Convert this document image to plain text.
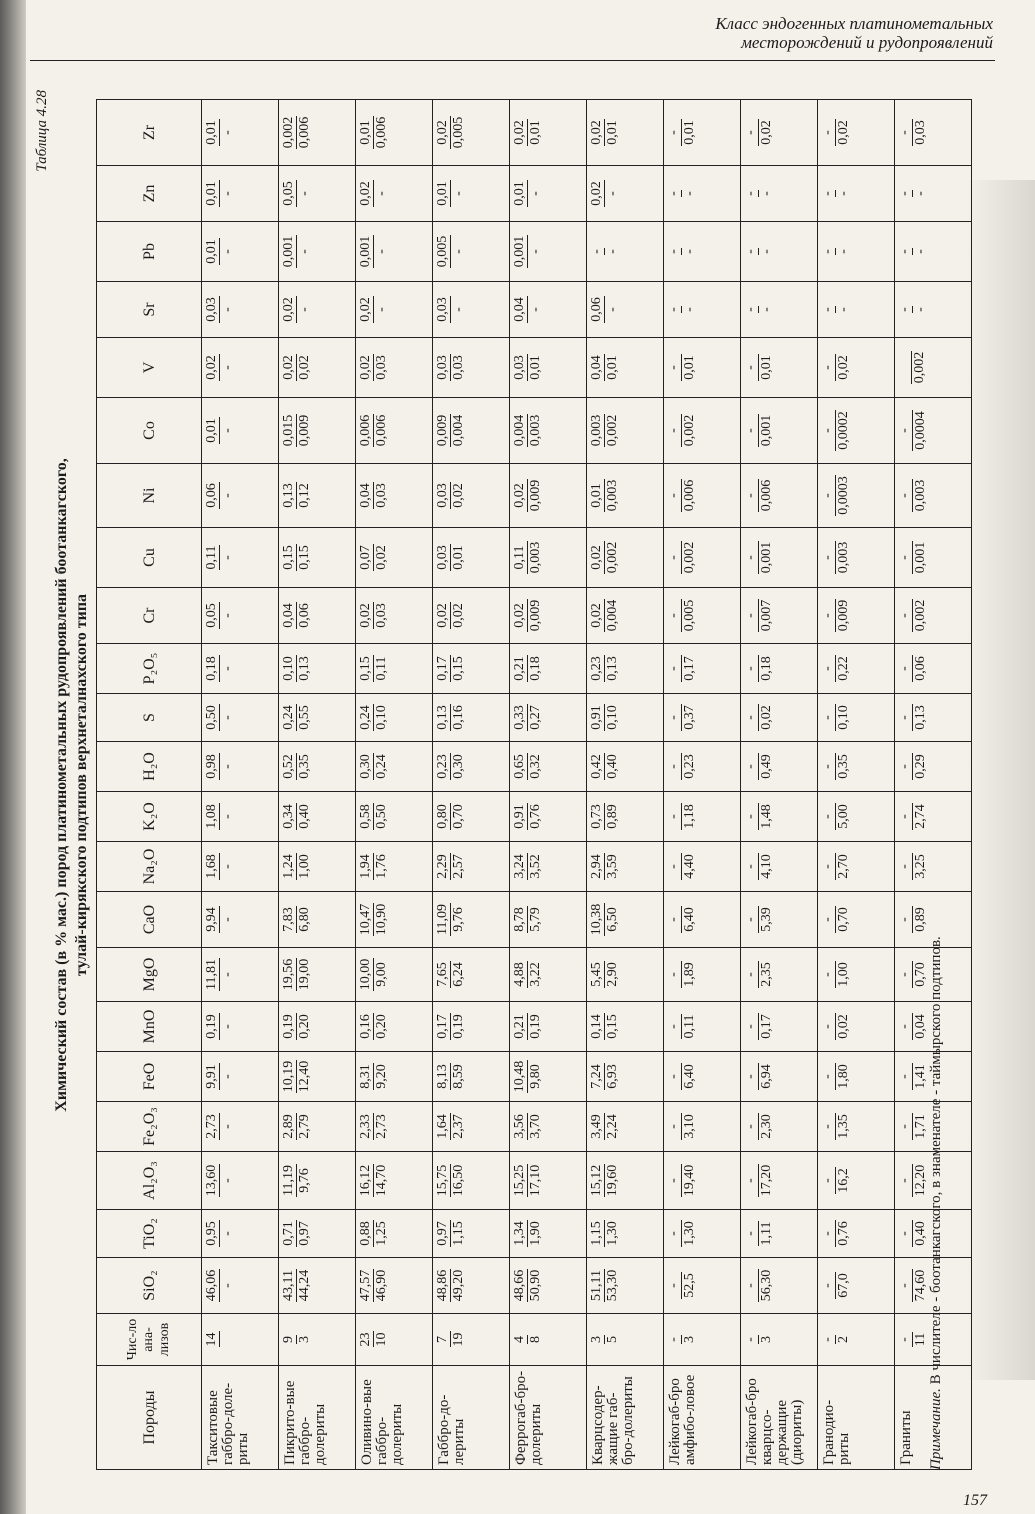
Класс эндогенных платинометальных
месторождений и рудопроявлений
Таблица 4.28
Химический состав (в % мас.) пород платинометальных рудопроявлений боотанкагского, тулай-кирякского подтипов верхнеталнахского типа
Породы	Чис-ло ана-лизов	SiO₂	TiO₂	Al₂O₃	Fe₂O₃	FeO	MnO	MgO	CaO	Na₂O	K₂O	H₂O	S	P₂O₅	Cr	Cu	Ni	Co	V	Sr	Pb	Zn	Zr
Такситовые габбро-доле-риты	14	46,06 -	0,95 -	13,60 -	2,73 -	9,91 -	0,19 -	11,81 -	9,94 -	1,68 -	1,08 -	0,98 -	0,50 -	0,18 -	0,05 -	0,11 -	0,06 -	0,01 -	0,02 -	0,03 -	0,01 -	0,01 -	0,01 -

Пикрито-вые габбро-долериты	9 3	43,11 44,24	0,71 0,97	11,19 9,76	2,89 2,79	10,19 12,40	0,19 0,20	19,56 19,00	7,83 6,80	1,24 1,00	0,34 0,40	0,52 0,35	0,24 0,55	0,10 0,13	0,04 0,06	0,15 0,15	0,13 0,12	0,015 0,009	0,02 0,02	0,02 -	0,001 -	0,05 -	0,002 0,006

Оливино-вые габбро-долериты	23 10	47,57 46,90	0,88 1,25	16,12 14,70	2,33 2,73	8,31 9,20	0,16 0,20	10,00 9,00	10,47 10,90	1,94 1,76	0,58 0,50	0,30 0,24	0,24 0,10	0,15 0,11	0,02 0,03	0,07 0,02	0,04 0,03	0,006 0,006	0,02 0,03	0,02 -	0,001 -	0,02 -	0,01 0,006

Габбро-до-лериты	7 19	48,86 49,20	0,97 1,15	15,75 16,50	1,64 2,37	8,13 8,59	0,17 0,19	7,65 6,24	11,09 9,76	2,29 2,57	0,80 0,70	0,23 0,30	0,13 0,16	0,17 0,15	0,02 0,02	0,03 0,01	0,03 0,02	0,009 0,004	0,03 0,03	0,03 -	0,005 -	0,01 -	0,02 0,005

Феррогаб-бро-долериты	4 8	48,66 50,90	1,34 1,90	15,25 17,10	3,56 3,70	10,48 9,80	0,21 0,19	4,88 3,22	8,78 5,79	3,24 3,52	0,91 0,76	0,65 0,32	0,33 0,27	0,21 0,18	0,02 0,009	0,11 0,003	0,02 0,009	0,004 0,003	0,03 0,01	0,04 -	0,001 -	0,01 -	0,02 0,01

Кварцсодер-жащие габ-бро-долериты	3 5	51,11 53,30	1,15 1,30	15,12 19,60	3,49 2,24	7,24 6,93	0,14 0,15	5,45 2,90	10,38 6,50	2,94 3,59	0,73 0,89	0,42 0,40	0,91 0,10	0,23 0,13	0,02 0,004	0,02 0,002	0,01 0,003	0,003 0,002	0,04 0,01	0,06 -	- -	0,02 -	0,02 0,01

Лейкогаб-бро амфибо-ловое	- 3	- 52,5	- 1,30	- 19,40	- 3,10	- 6,40	- 0,11	- 1,89	- 6,40	- 4,40	- 1,18	- 0,23	- 0,37	- 0,17	- 0,005	- 0,002	- 0,006	- 0,002	- 0,01	- -	- -	- -	- 0,01

Лейкогаб-бро кварцсо-держащие (диориты)	- 3	- 56,30	- 1,11	- 17,20	- 2,30	- 6,94	- 0,17	- 2,35	- 5,39	- 4,10	- 1,48	- 0,49	- 0,02	- 0,18	- 0,007	- 0,001	- 0,006	- 0,001	- 0,01	- -	- -	- -	- 0,02

Гранодио-риты	- 2	- 67,0	- 0,76	- 16,2	- 1,35	- 1,80	- 0,02	- 1,00	- 0,70	- 2,70	- 5,00	- 0,35	- 0,10	- 0,22	- 0,009	- 0,003	- 0,0003	- 0,0002	- 0,02	- -	- -	- -	- 0,02

Граниты	- 11	- 74,60	- 0,40	- 12,20	- 1,71	- 1,41	- 0,04	- 0,70	- 0,89	- 3,25	- 2,74	- 0,29	- 0,13	- 0,06	- 0,002	- 0,001	- 0,003	- 0,0004	0,002	- -	- -	- -	- 0,03
Примечание. В числителе - боотанкагского, в знаменателе - таймырского подтипов.
157
